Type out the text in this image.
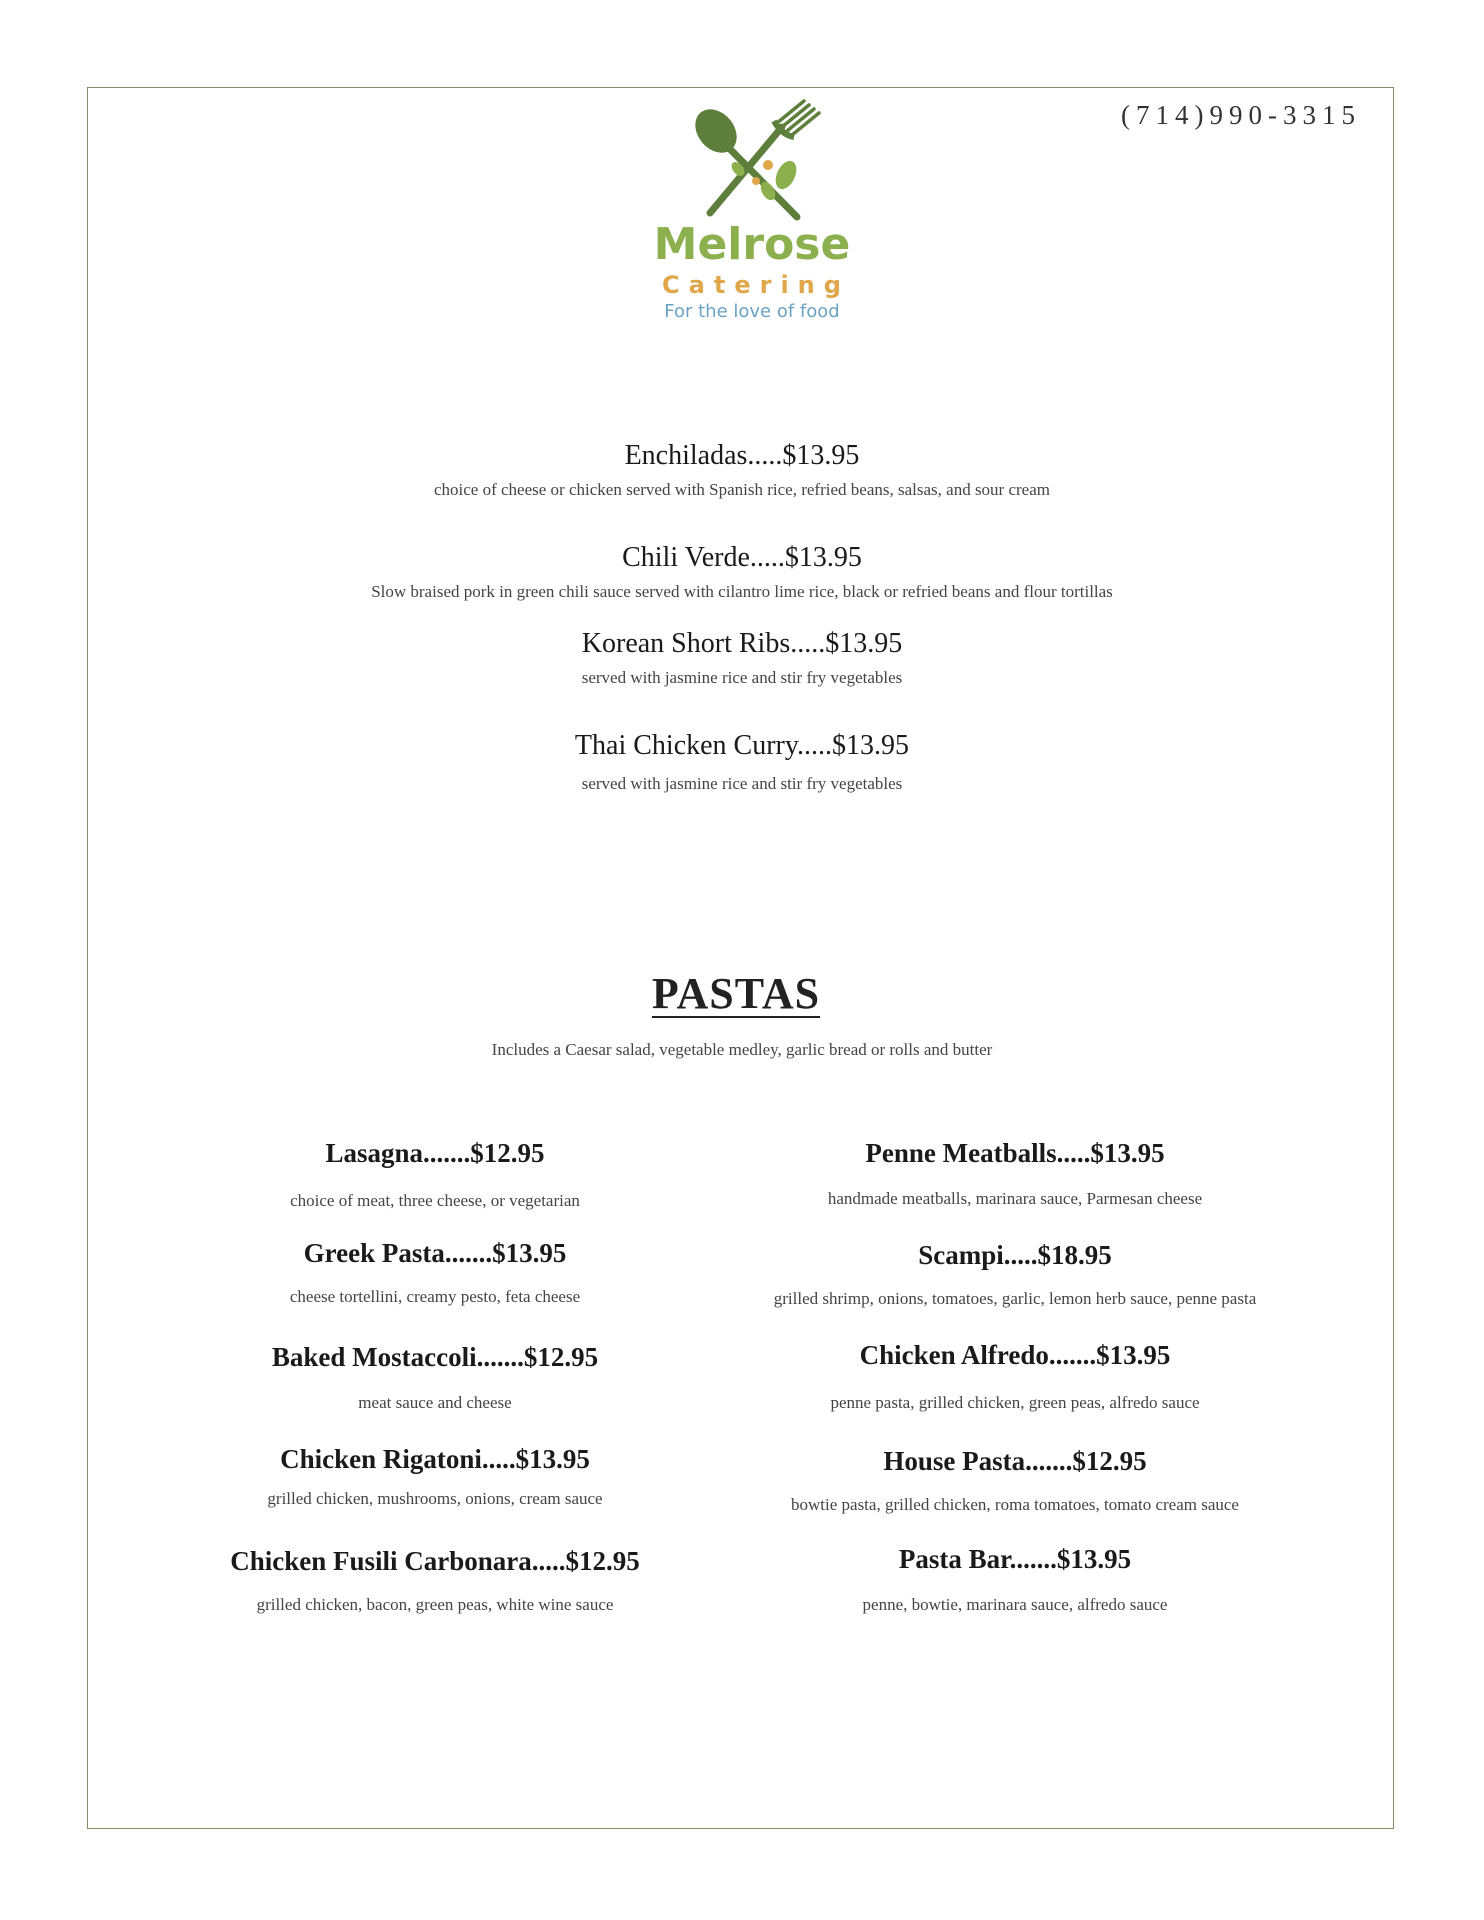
(714)990-3315
Melrose
Catering
For the love of food
Enchiladas.....$13.95
choice of cheese or chicken served with Spanish rice, refried beans, salsas, and sour cream
Chili Verde.....$13.95
Slow braised pork in green chili sauce served with cilantro lime rice, black or refried beans and flour tortillas
Korean Short Ribs.....$13.95
served with jasmine rice and stir fry vegetables
Thai Chicken Curry.....$13.95
served with jasmine rice and stir fry vegetables
PASTAS
Includes a Caesar salad, vegetable medley, garlic bread or rolls and butter
Lasagna.......$12.95
choice of meat, three cheese, or vegetarian
Greek Pasta.......$13.95
cheese tortellini, creamy pesto, feta cheese
Baked Mostaccoli.......$12.95
meat sauce and cheese
Chicken Rigatoni.....$13.95
grilled chicken, mushrooms, onions, cream sauce
Chicken Fusili Carbonara.....$12.95
grilled chicken, bacon, green peas, white wine sauce
Penne Meatballs.....$13.95
handmade meatballs, marinara sauce, Parmesan cheese
Scampi.....$18.95
grilled shrimp, onions, tomatoes, garlic, lemon herb sauce, penne pasta
Chicken Alfredo.......$13.95
penne pasta, grilled chicken, green peas, alfredo sauce
House Pasta.......$12.95
bowtie pasta, grilled chicken, roma tomatoes, tomato cream sauce
Pasta Bar.......$13.95
penne, bowtie, marinara sauce, alfredo sauce
